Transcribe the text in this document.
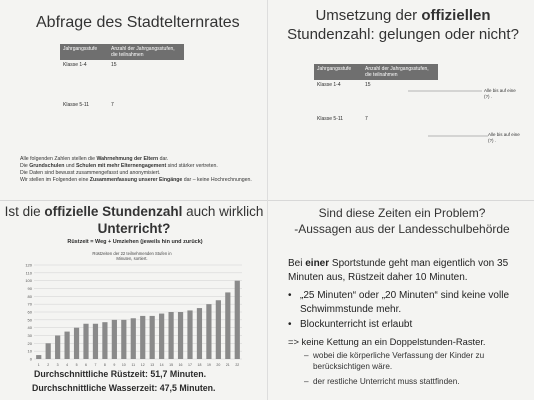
Abfrage des Stadtelternrates
Jahrgangsstufe	Anzahl der Jahrgangsstufen, die teilnahmen
Klasse 1-4	15
Klasse 5-11	7
Alle folgenden Zahlen stellen die Wahrnehmung der Eltern dar.
Die Grundschulen und Schulen mit mehr Elternengagement sind stärker vertreten.
Die Daten sind bewusst zusammengefasst und anonymisiert.
Wir stellen im Folgenden eine Zusammenfassung unserer Eingänge dar – keine Hochrechnungen.
Umsetzung der offiziellen
Stundenzahl: gelungen oder nicht?
Jahrgangsstufe	Anzahl der Jahrgangsstufen, die teilnahmen
Klasse 1-4	15
Klasse 5-11	7
Alle bis auf eine (?) .
Alle bis auf eine (?) .
Ist die offizielle Stundenzahl auch wirklich
Unterricht?
Rüstzeit = Weg + Umziehen (jeweils hin und zurück)
Rüstzeiten der 22 teilnehmenden Stufen in Minuten, sortiert.
0
10
20
30
40
50
60
70
80
90
100
110
120
1 2 3 4 5 6 7 8 9 10 11 12 13 14 15 16 17 18 19 20 21 22
Durchschnittliche Rüstzeit: 51,7 Minuten.
Durchschnittliche Wasserzeit: 47,5 Minuten.
Sind diese Zeiten ein Problem?
-Aussagen aus der Landesschulbehörde
Bei einer Sportstunde geht man eigentlich von 35 Minuten aus, Rüstzeit daher 10 Minuten.
• „25 Minuten“ oder „20 Minuten“ sind keine volle Schwimmstunde mehr.
• Blockunterricht ist erlaubt
=> keine Kettung an ein Doppelstunden-Raster.
– wobei die körperliche Verfassung der Kinder zu berücksichtigen wäre.
– der restliche Unterricht muss stattfinden.
